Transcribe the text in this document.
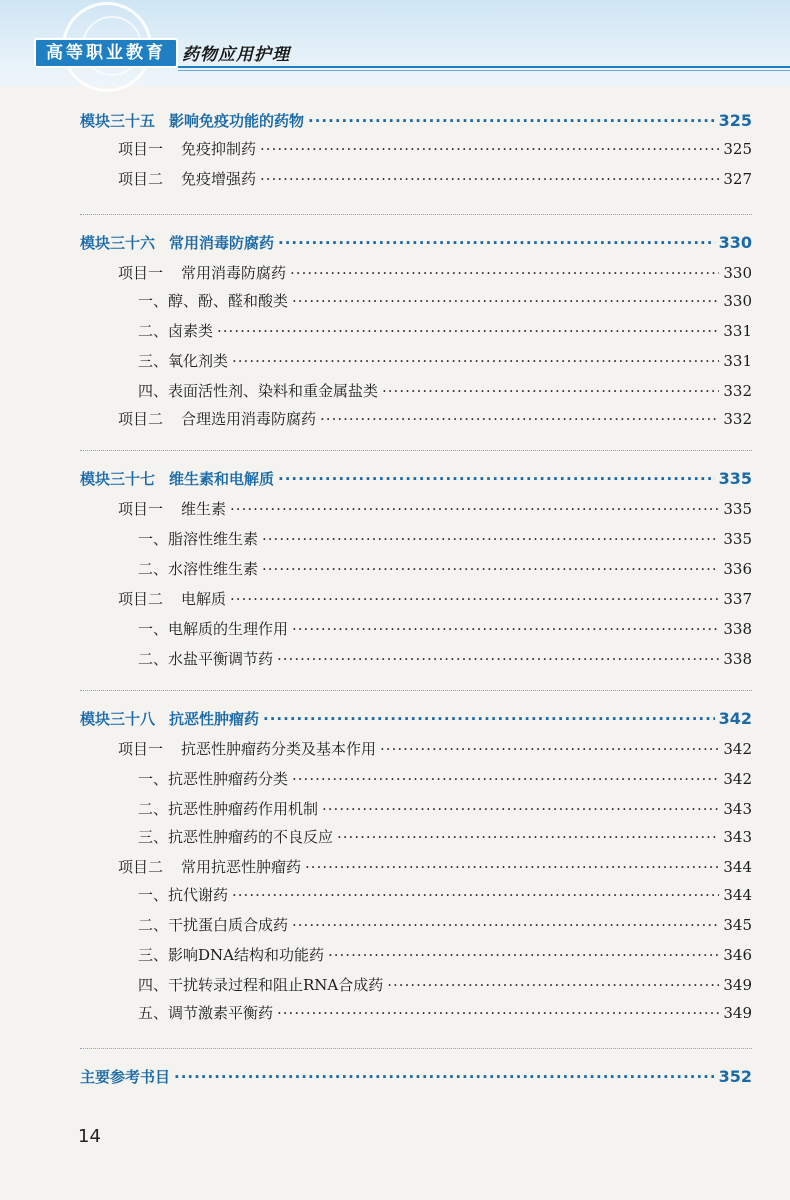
高等职业教育 药物应用护理
模块三十五 影响免疫功能的药物 ·····	325
项目一 免疫抑制药 ·····	325
项目二 免疫增强药 ·····	327
模块三十六 常用消毒防腐药 ·····	330
项目一 常用消毒防腐药 ·····	330
一、醇、酚、醛和酸类 ·····	330
二、卤素类 ·····	331
三、氧化剂类 ·····	331
四、表面活性剂、染料和重金属盐类 ·····	332
项目二 合理选用消毒防腐药 ·····	332
模块三十七 维生素和电解质 ·····	335
项目一 维生素 ·····	335
一、脂溶性维生素 ·····	335
二、水溶性维生素 ·····	336
项目二 电解质 ·····	337
一、电解质的生理作用 ·····	338
二、水盐平衡调节药 ·····	338
模块三十八 抗恶性肿瘤药 ·····	342
项目一 抗恶性肿瘤药分类及基本作用 ·····	342
一、抗恶性肿瘤药分类 ·····	342
二、抗恶性肿瘤药作用机制 ·····	343
三、抗恶性肿瘤药的不良反应 ·····	343
项目二 常用抗恶性肿瘤药 ·····	344
一、抗代谢药 ·····	344
二、干扰蛋白质合成药 ·····	345
三、影响DNA结构和功能药 ·····	346
四、干扰转录过程和阻止RNA合成药 ·····	349
五、调节激素平衡药 ·····	349
主要参考书目 ·····	352
14
